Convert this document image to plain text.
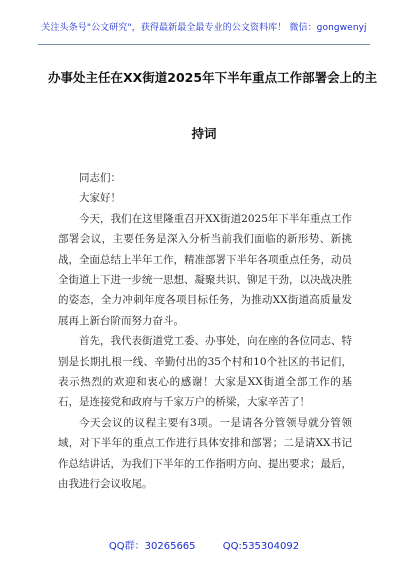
关注头条号"公文研究"，获得最新最全最专业的公文资料库！ 微信：gongwenyj
办事处主任在XX街道2025年下半年重点工作部署会上的主
持词

同志们：

大家好！

今天，我们在这里隆重召开XX街道2025年下半年重点工作部署会议，主要任务是深入分析当前我们面临的新形势、新挑战，全面总结上半年工作，精准部署下半年各项重点任务，动员全街道上下进一步统一思想、凝聚共识、铆足干劲，以决战决胜的姿态，全力冲刺年度各项目标任务，为推动XX街道高质量发展再上新台阶而努力奋斗。

首先，我代表街道党工委、办事处，向在座的各位同志、特别是长期扎根一线、辛勤付出的35个村和10个社区的书记们，表示热烈的欢迎和衷心的感谢！大家是XX街道全部工作的基石，是连接党和政府与千家万户的桥梁，大家辛苦了！

今天会议的议程主要有3项。一是请各分管领导就分管领域，对下半年的重点工作进行具体安排和部署；二是请XX书记作总结讲话，为我们下半年的工作指明方向、提出要求；最后，由我进行会议收尾。

QQ群：30265665	QQ:535304092
